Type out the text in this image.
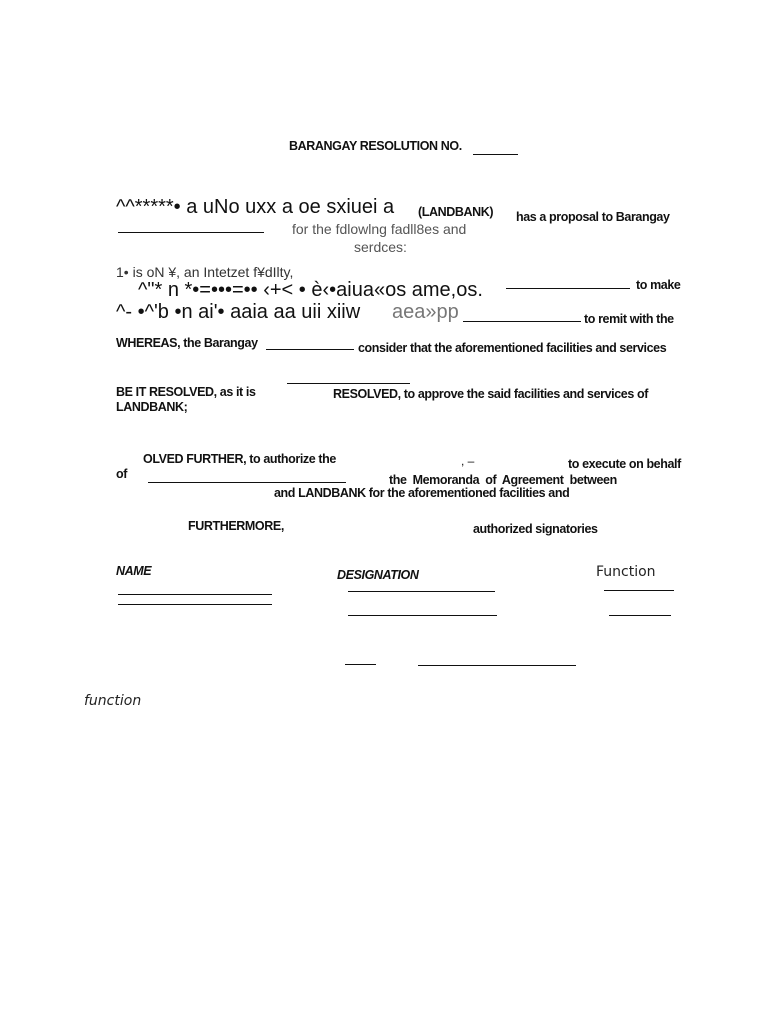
BARANGAY RESOLUTION NO.
^^*****• a uNo uxx a oe sxiuei a (LANDBANK) has a proposal to Barangay
for the fdlowlng fadll8es and
serdces:
1• is oN ¥, an Intetzet f¥dIlty,
^"* n *•=•••=•• ‹+< • è‹•aiua«os ame,os.	to make
^- •^'b •n ai'• aaia aa uii xiiw aea»pp	to remit with the
WHEREAS, the Barangay	consider that the aforementioned facilities and services
BE IT RESOLVED, as it is	RESOLVED, to approve the said facilities and services of
LANDBANK;
OLVED FURTHER, to authorize the	, –	to execute on behalf
of	the Memoranda of Agreement between
and LANDBANK for the aforementioned facilities and
FURTHERMORE,	authorized signatories
NAME	DESIGNATION	Function
function
